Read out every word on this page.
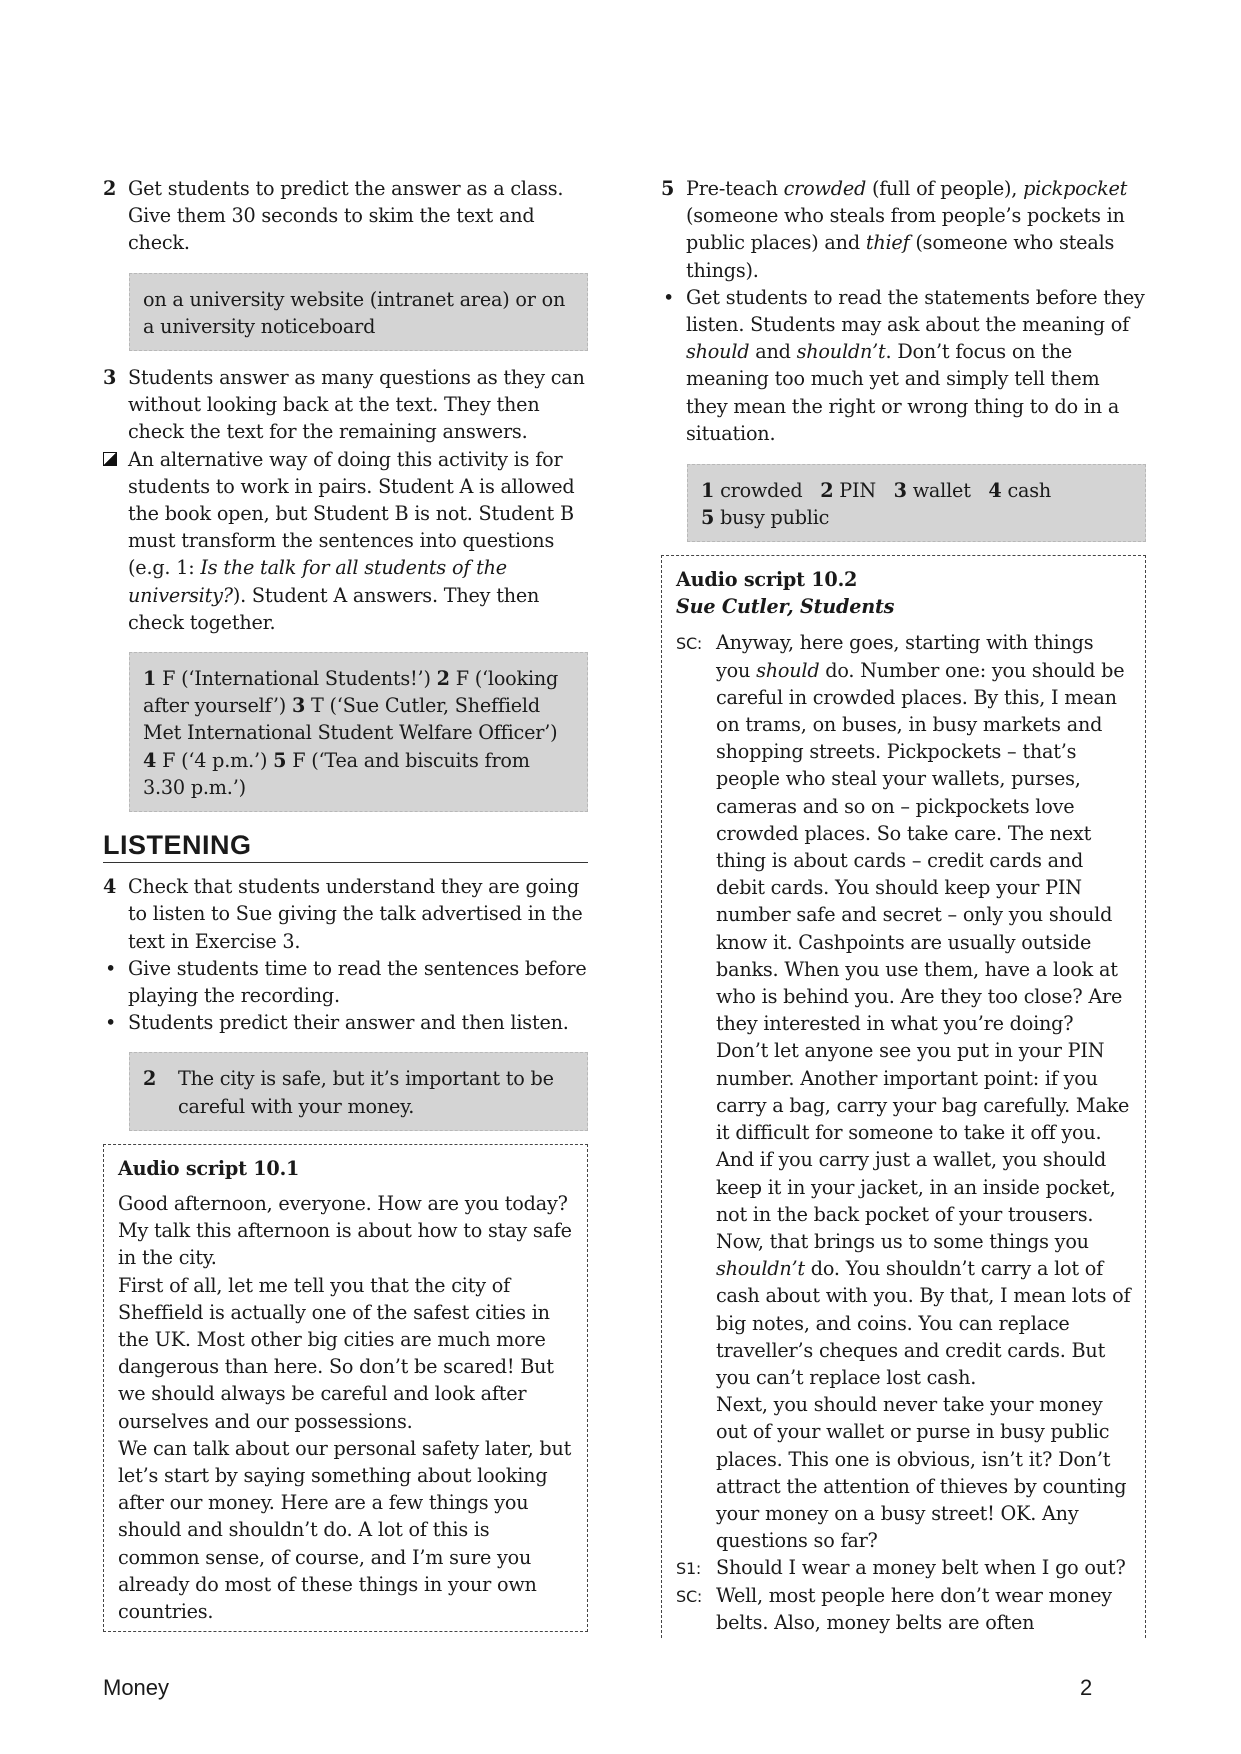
2 Get students to predict the answer as a class. Give them 30 seconds to skim the text and check.
on a university website (intranet area) or on a university noticeboard
3 Students answer as many questions as they can without looking back at the text. They then check the text for the remaining answers.
An alternative way of doing this activity is for students to work in pairs. Student A is allowed the book open, but Student B is not. Student B must transform the sentences into questions (e.g. 1: Is the talk for all students of the university?). Student A answers. They then check together.
1 F (‘International Students!’) 2 F (‘looking after yourself’) 3 T (‘Sue Cutler, Sheffield Met International Student Welfare Officer’) 4 F (‘4 p.m.’) 5 F (‘Tea and biscuits from 3.30 p.m.’)
LISTENING
4 Check that students understand they are going to listen to Sue giving the talk advertised in the text in Exercise 3.
• Give students time to read the sentences before playing the recording.
• Students predict their answer and then listen.
2 The city is safe, but it’s important to be careful with your money.
Audio script 10.1
Good afternoon, everyone. How are you today? My talk this afternoon is about how to stay safe in the city.
First of all, let me tell you that the city of Sheffield is actually one of the safest cities in the UK. Most other big cities are much more dangerous than here. So don’t be scared! But we should always be careful and look after ourselves and our possessions.
We can talk about our personal safety later, but let’s start by saying something about looking after our money. Here are a few things you should and shouldn’t do. A lot of this is common sense, of course, and I’m sure you already do most of these things in your own countries.
5 Pre-teach crowded (full of people), pickpocket (someone who steals from people’s pockets in public places) and thief (someone who steals things).
• Get students to read the statements before they listen. Students may ask about the meaning of should and shouldn’t. Don’t focus on the meaning too much yet and simply tell them they mean the right or wrong thing to do in a situation.
1 crowded 2 PIN 3 wallet 4 cash
5 busy public
Audio script 10.2
Sue Cutler, Students
SC: Anyway, here goes, starting with things you should do. Number one: you should be careful in crowded places. By this, I mean on trams, on buses, in busy markets and shopping streets. Pickpockets – that’s people who steal your wallets, purses, cameras and so on – pickpockets love crowded places. So take care. The next thing is about cards – credit cards and debit cards. You should keep your PIN number safe and secret – only you should know it. Cashpoints are usually outside banks. When you use them, have a look at who is behind you. Are they too close? Are they interested in what you’re doing? Don’t let anyone see you put in your PIN number. Another important point: if you carry a bag, carry your bag carefully. Make it difficult for someone to take it off you. And if you carry just a wallet, you should keep it in your jacket, in an inside pocket, not in the back pocket of your trousers.
Now, that brings us to some things you shouldn’t do. You shouldn’t carry a lot of cash about with you. By that, I mean lots of big notes, and coins. You can replace traveller’s cheques and credit cards. But you can’t replace lost cash.
Next, you should never take your money out of your wallet or purse in busy public places. This one is obvious, isn’t it? Don’t attract the attention of thieves by counting your money on a busy street! OK. Any questions so far?
S1: Should I wear a money belt when I go out?
SC: Well, most people here don’t wear money belts. Also, money belts are often
Money	2
